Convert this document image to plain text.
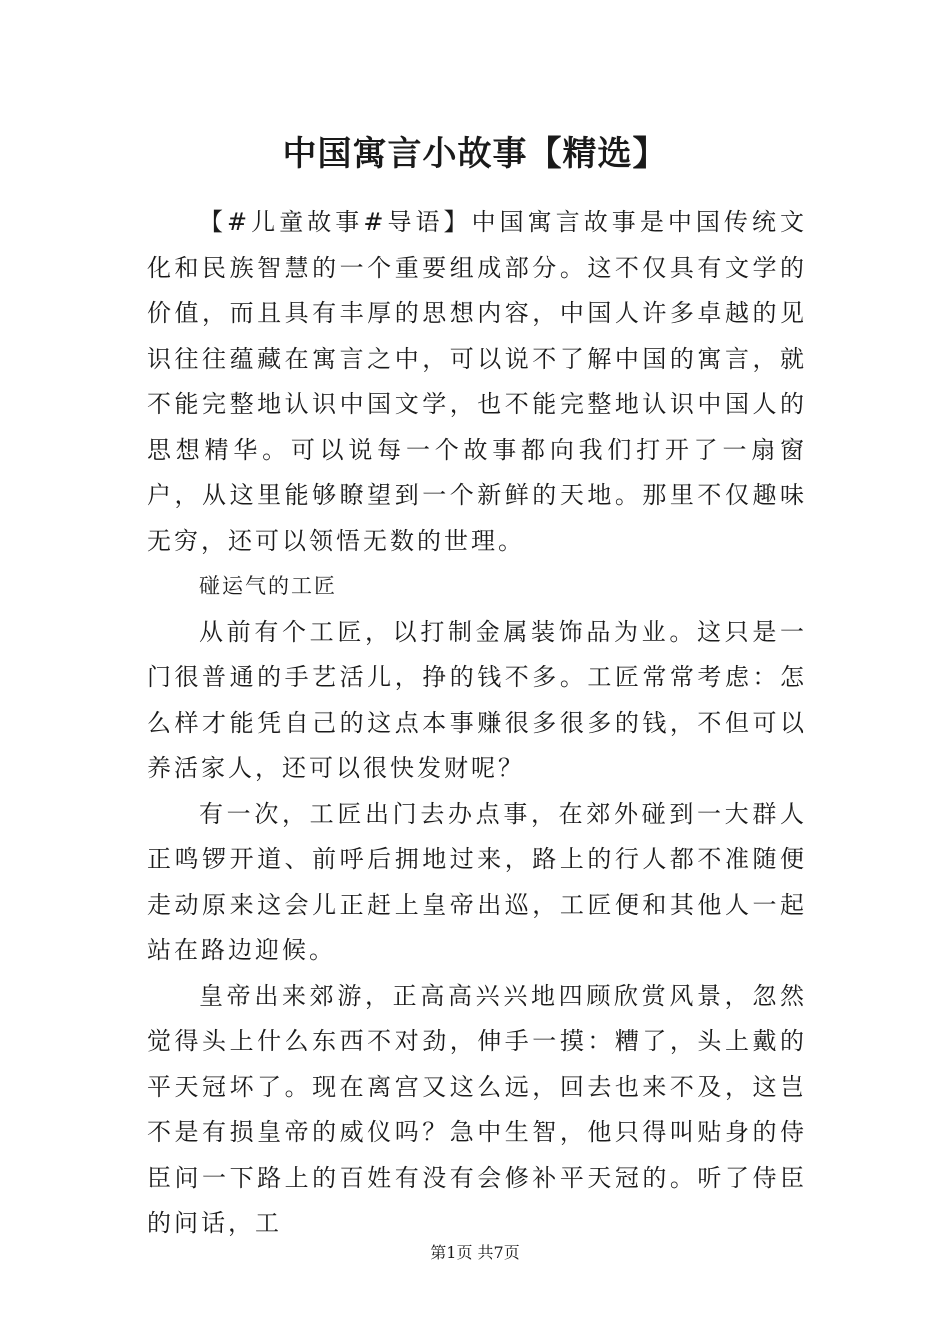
中国寓言小故事【精选】

【#儿童故事#导语】中国寓言故事是中国传统文化和民族智慧的一个重要组成部分。这不仅具有文学的价值，而且具有丰厚的思想内容，中国人许多卓越的见识往往蕴藏在寓言之中，可以说不了解中国的寓言，就不能完整地认识中国文学，也不能完整地认识中国人的思想精华。可以说每一个故事都向我们打开了一扇窗户，从这里能够瞭望到一个新鲜的天地。那里不仅趣味无穷，还可以领悟无数的世理。

碰运气的工匠

从前有个工匠，以打制金属装饰品为业。这只是一门很普通的手艺活儿，挣的钱不多。工匠常常考虑：怎么样才能凭自己的这点本事赚很多很多的钱，不但可以养活家人，还可以很快发财呢？

有一次，工匠出门去办点事，在郊外碰到一大群人正鸣锣开道、前呼后拥地过来，路上的行人都不准随便走动原来这会儿正赶上皇帝出巡，工匠便和其他人一起站在路边迎候。

皇帝出来郊游，正高高兴兴地四顾欣赏风景，忽然觉得头上什么东西不对劲，伸手一摸：糟了，头上戴的平天冠坏了。现在离宫又这么远，回去也来不及，这岂不是有损皇帝的威仪吗？急中生智，他只得叫贴身的侍臣问一下路上的百姓有没有会修补平天冠的。听了侍臣的问话，工

第1页 共7页
